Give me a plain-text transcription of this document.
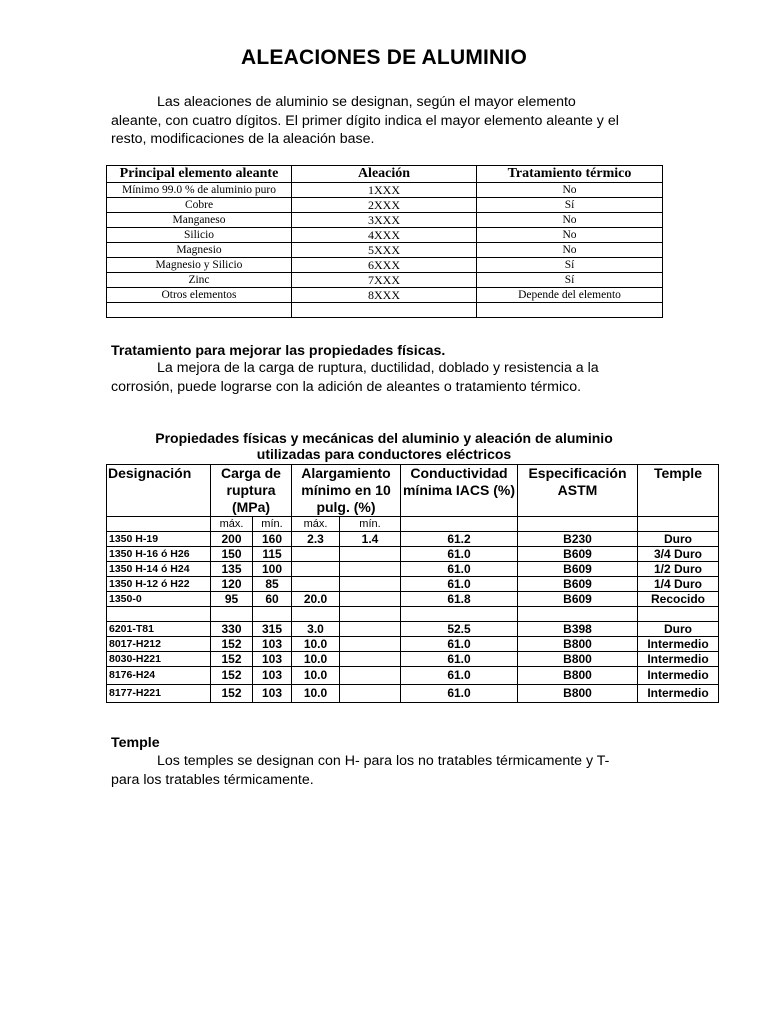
ALEACIONES DE ALUMINIO
Las aleaciones de aluminio se designan, según el mayor elemento
aleante, con cuatro dígitos. El primer dígito indica el mayor elemento aleante y el
resto, modificaciones de la aleación base.
Principal elemento aleante	Aleación	Tratamiento térmico
Mínimo 99.0 % de aluminio puro	1XXX	No
Cobre	2XXX	Sí
Manganeso	3XXX	No
Silicio	4XXX	No
Magnesio	5XXX	No
Magnesio y Silicio	6XXX	Sí
Zinc	7XXX	Sí
Otros elementos	8XXX	Depende del elemento

Tratamiento para mejorar las propiedades físicas.
La mejora de la carga de ruptura, ductilidad, doblado y resistencia a la
corrosión, puede lograrse con la adición de aleantes o tratamiento térmico.
Propiedades físicas y mecánicas del aluminio y aleación de aluminio
utilizadas para conductores eléctricos
Designación	Carga de ruptura (MPa)		Alargamiento mínimo en 10 pulg. (%)		Conductividad mínima IACS (%)	Especificación ASTM	Temple
	máx.	mín.	máx.	mín.			
1350 H-19	200	160	2.3	1.4	61.2	B230	Duro
1350 H-16 ó H26	150	115			61.0	B609	3/4 Duro
1350 H-14 ó H24	135	100			61.0	B609	1/2 Duro
1350 H-12 ó H22	120	85			61.0	B609	1/4 Duro
1350-0	95	60	20.0		61.8	B609	Recocido

6201-T81	330	315	3.0		52.5	B398	Duro
8017-H212	152	103	10.0		61.0	B800	Intermedio
8030-H221	152	103	10.0		61.0	B800	Intermedio
8176-H24	152	103	10.0		61.0	B800	Intermedio
8177-H221	152	103	10.0		61.0	B800	Intermedio
Temple
Los temples se designan con H- para los no tratables térmicamente y T-
para los tratables térmicamente.
